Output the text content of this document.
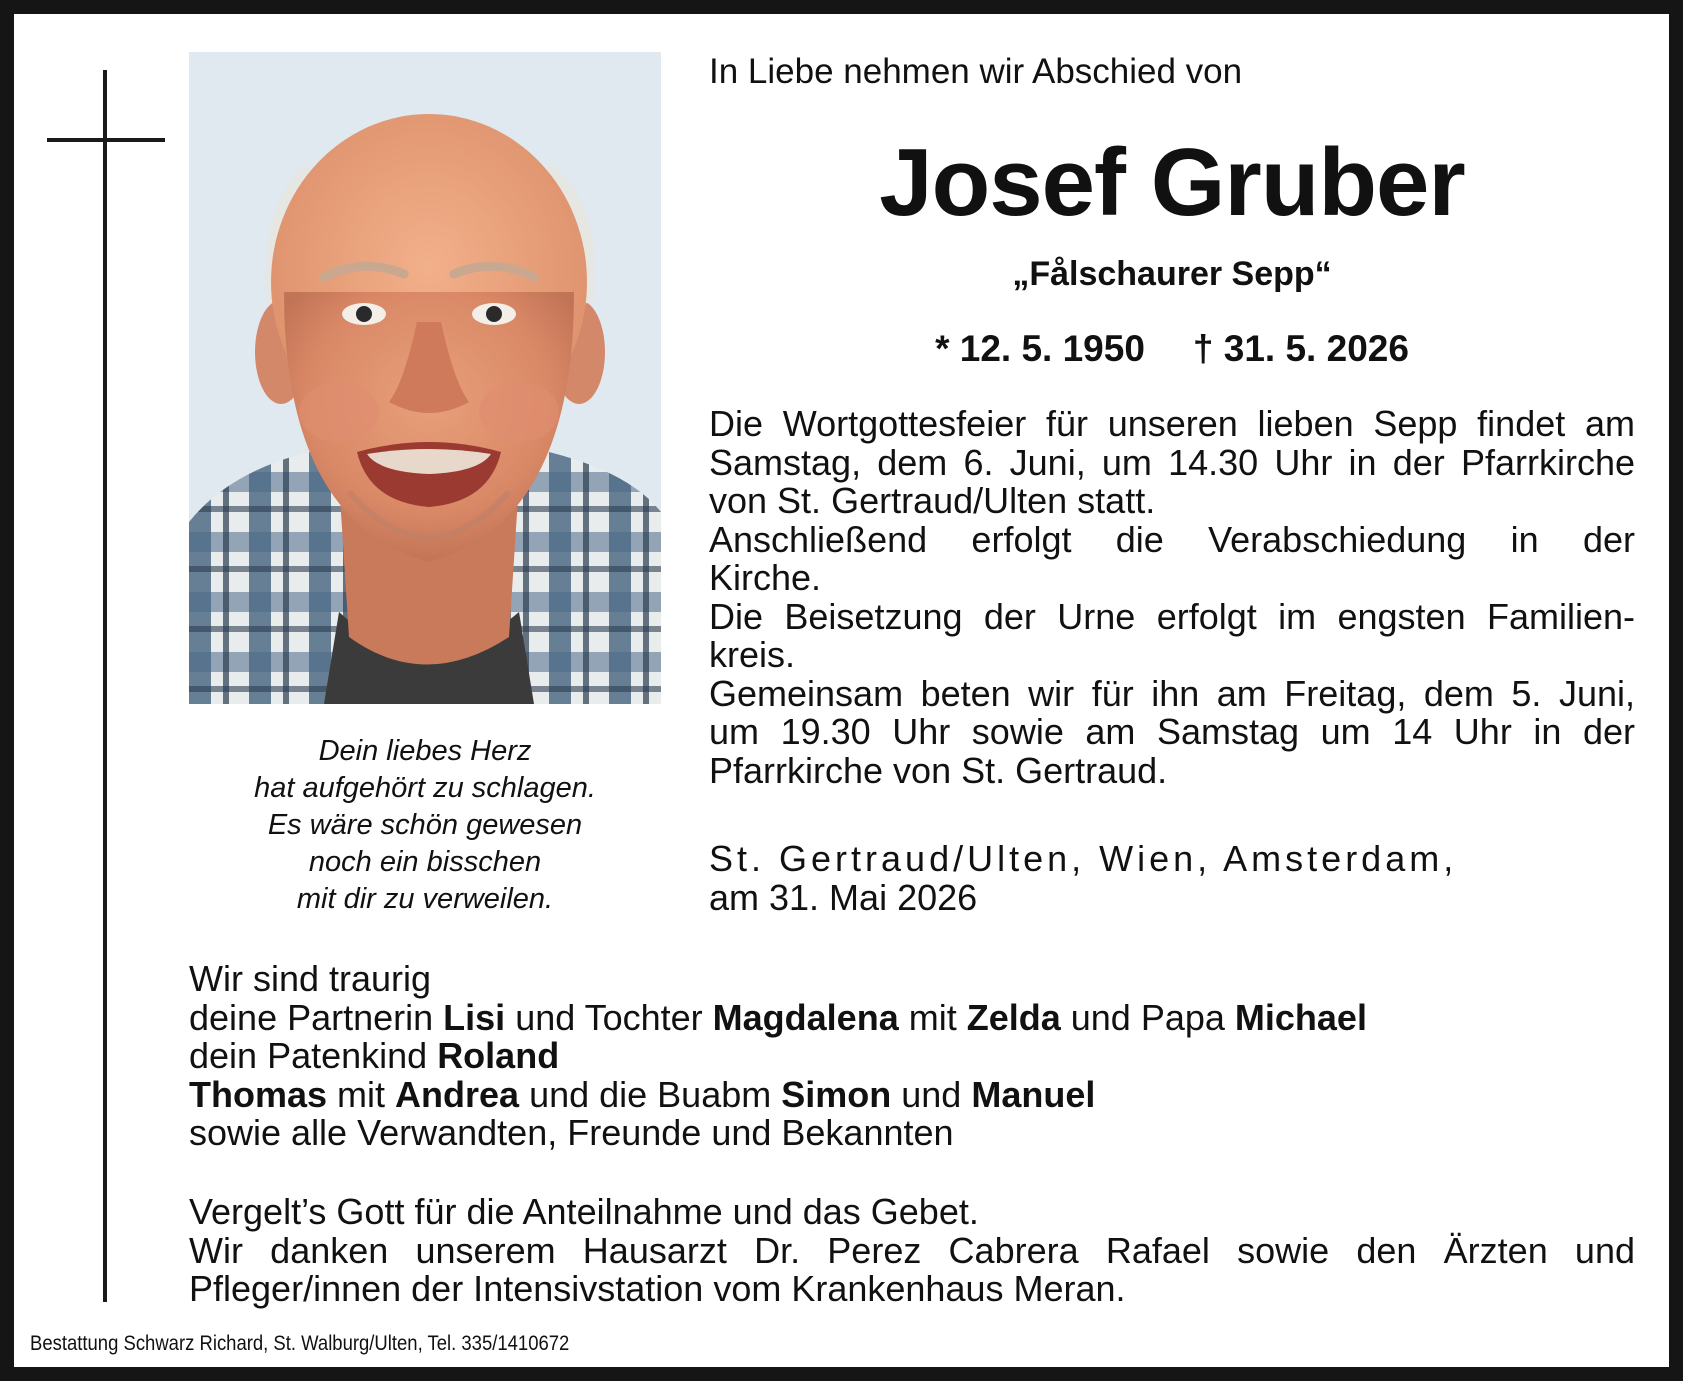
Dein liebes Herz
hat aufgehört zu schlagen.
Es wäre schön gewesen
noch ein bisschen
mit dir zu verweilen.
In Liebe nehmen wir Abschied von
Josef Gruber
„Fålschaurer Sepp“
* 12. 5. 1950 † 31. 5. 2026
Die Wortgottesfeier für unseren lieben Sepp findet am
Samstag, dem 6. Juni, um 14.30 Uhr in der Pfarrkirche
von St. Gertraud/Ulten statt.
Anschließend erfolgt die Verabschiedung in der
Kirche.
Die Beisetzung der Urne erfolgt im engsten Familien-
kreis.
Gemeinsam beten wir für ihn am Freitag, dem 5. Juni,
um 19.30 Uhr sowie am Samstag um 14 Uhr in der
Pfarrkirche von St. Gertraud.
St. Gertraud/Ulten, Wien, Amsterdam,
am 31. Mai 2026
Wir sind traurig
deine Partnerin Lisi und Tochter Magdalena mit Zelda und Papa Michael
dein Patenkind Roland
Thomas mit Andrea und die Buabm Simon und Manuel
sowie alle Verwandten, Freunde und Bekannten
Vergelt’s Gott für die Anteilnahme und das Gebet.
Wir danken unserem Hausarzt Dr. Perez Cabrera Rafael sowie den Ärzten und
Pfleger/innen der Intensivstation vom Krankenhaus Meran.
Bestattung Schwarz Richard, St. Walburg/Ulten, Tel. 335/1410672
